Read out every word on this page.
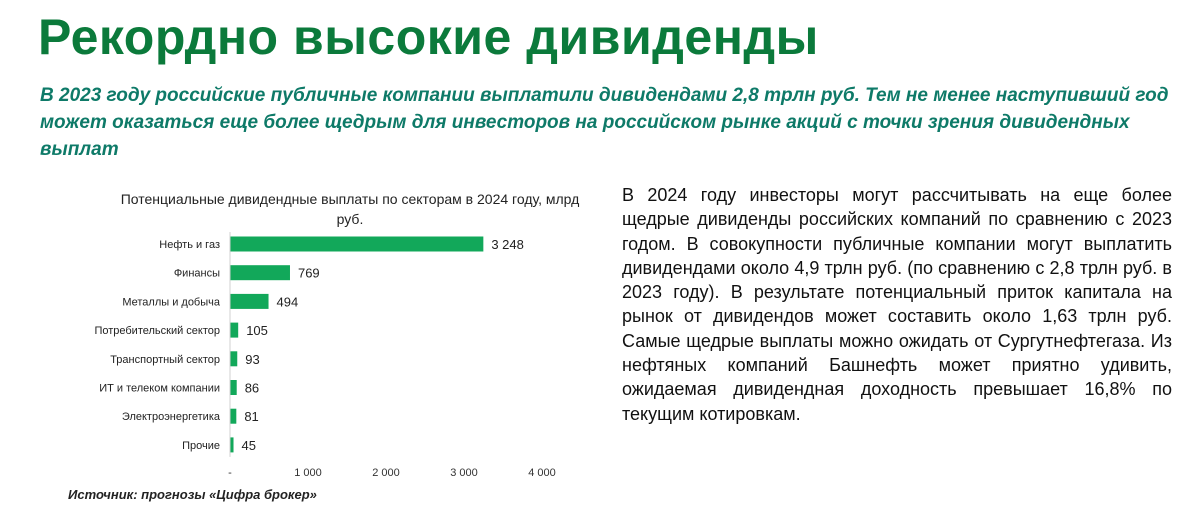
Рекордно высокие дивиденды
В 2023 году российские публичные компании выплатили дивидендами 2,8 трлн руб. Тем не менее наступивший год может оказаться еще более щедрым для инвесторов на российском рынке акций с точки зрения дивидендных выплат
Потенциальные дивидендные выплаты по секторам в 2024 году, млрд руб.
Нефть и газ	3 248
Финансы	769
Металлы и добыча	494
Потребительский сектор 105
Транспортный сектор 93
ИТ и телеком компании 86
Электроэнергетика 81
Прочие 45
-	1 000	2 000	3 000	4 000
Источник: прогнозы «Цифра брокер»
В 2024 году инвесторы могут рассчитывать на еще более щедрые дивиденды российских компаний по сравнению с 2023 годом. В совокупности публичные компании могут выплатить дивидендами около 4,9 трлн руб. (по сравнению с 2,8 трлн руб. в 2023 году). В результате потенциальный приток капитала на рынок от дивидендов может составить около 1,63 трлн руб. Самые щедрые выплаты можно ожидать от Сургутнефтегаза. Из нефтяных компаний Башнефть может приятно удивить, ожидаемая дивидендная доходность превышает 16,8% по текущим котировкам.
